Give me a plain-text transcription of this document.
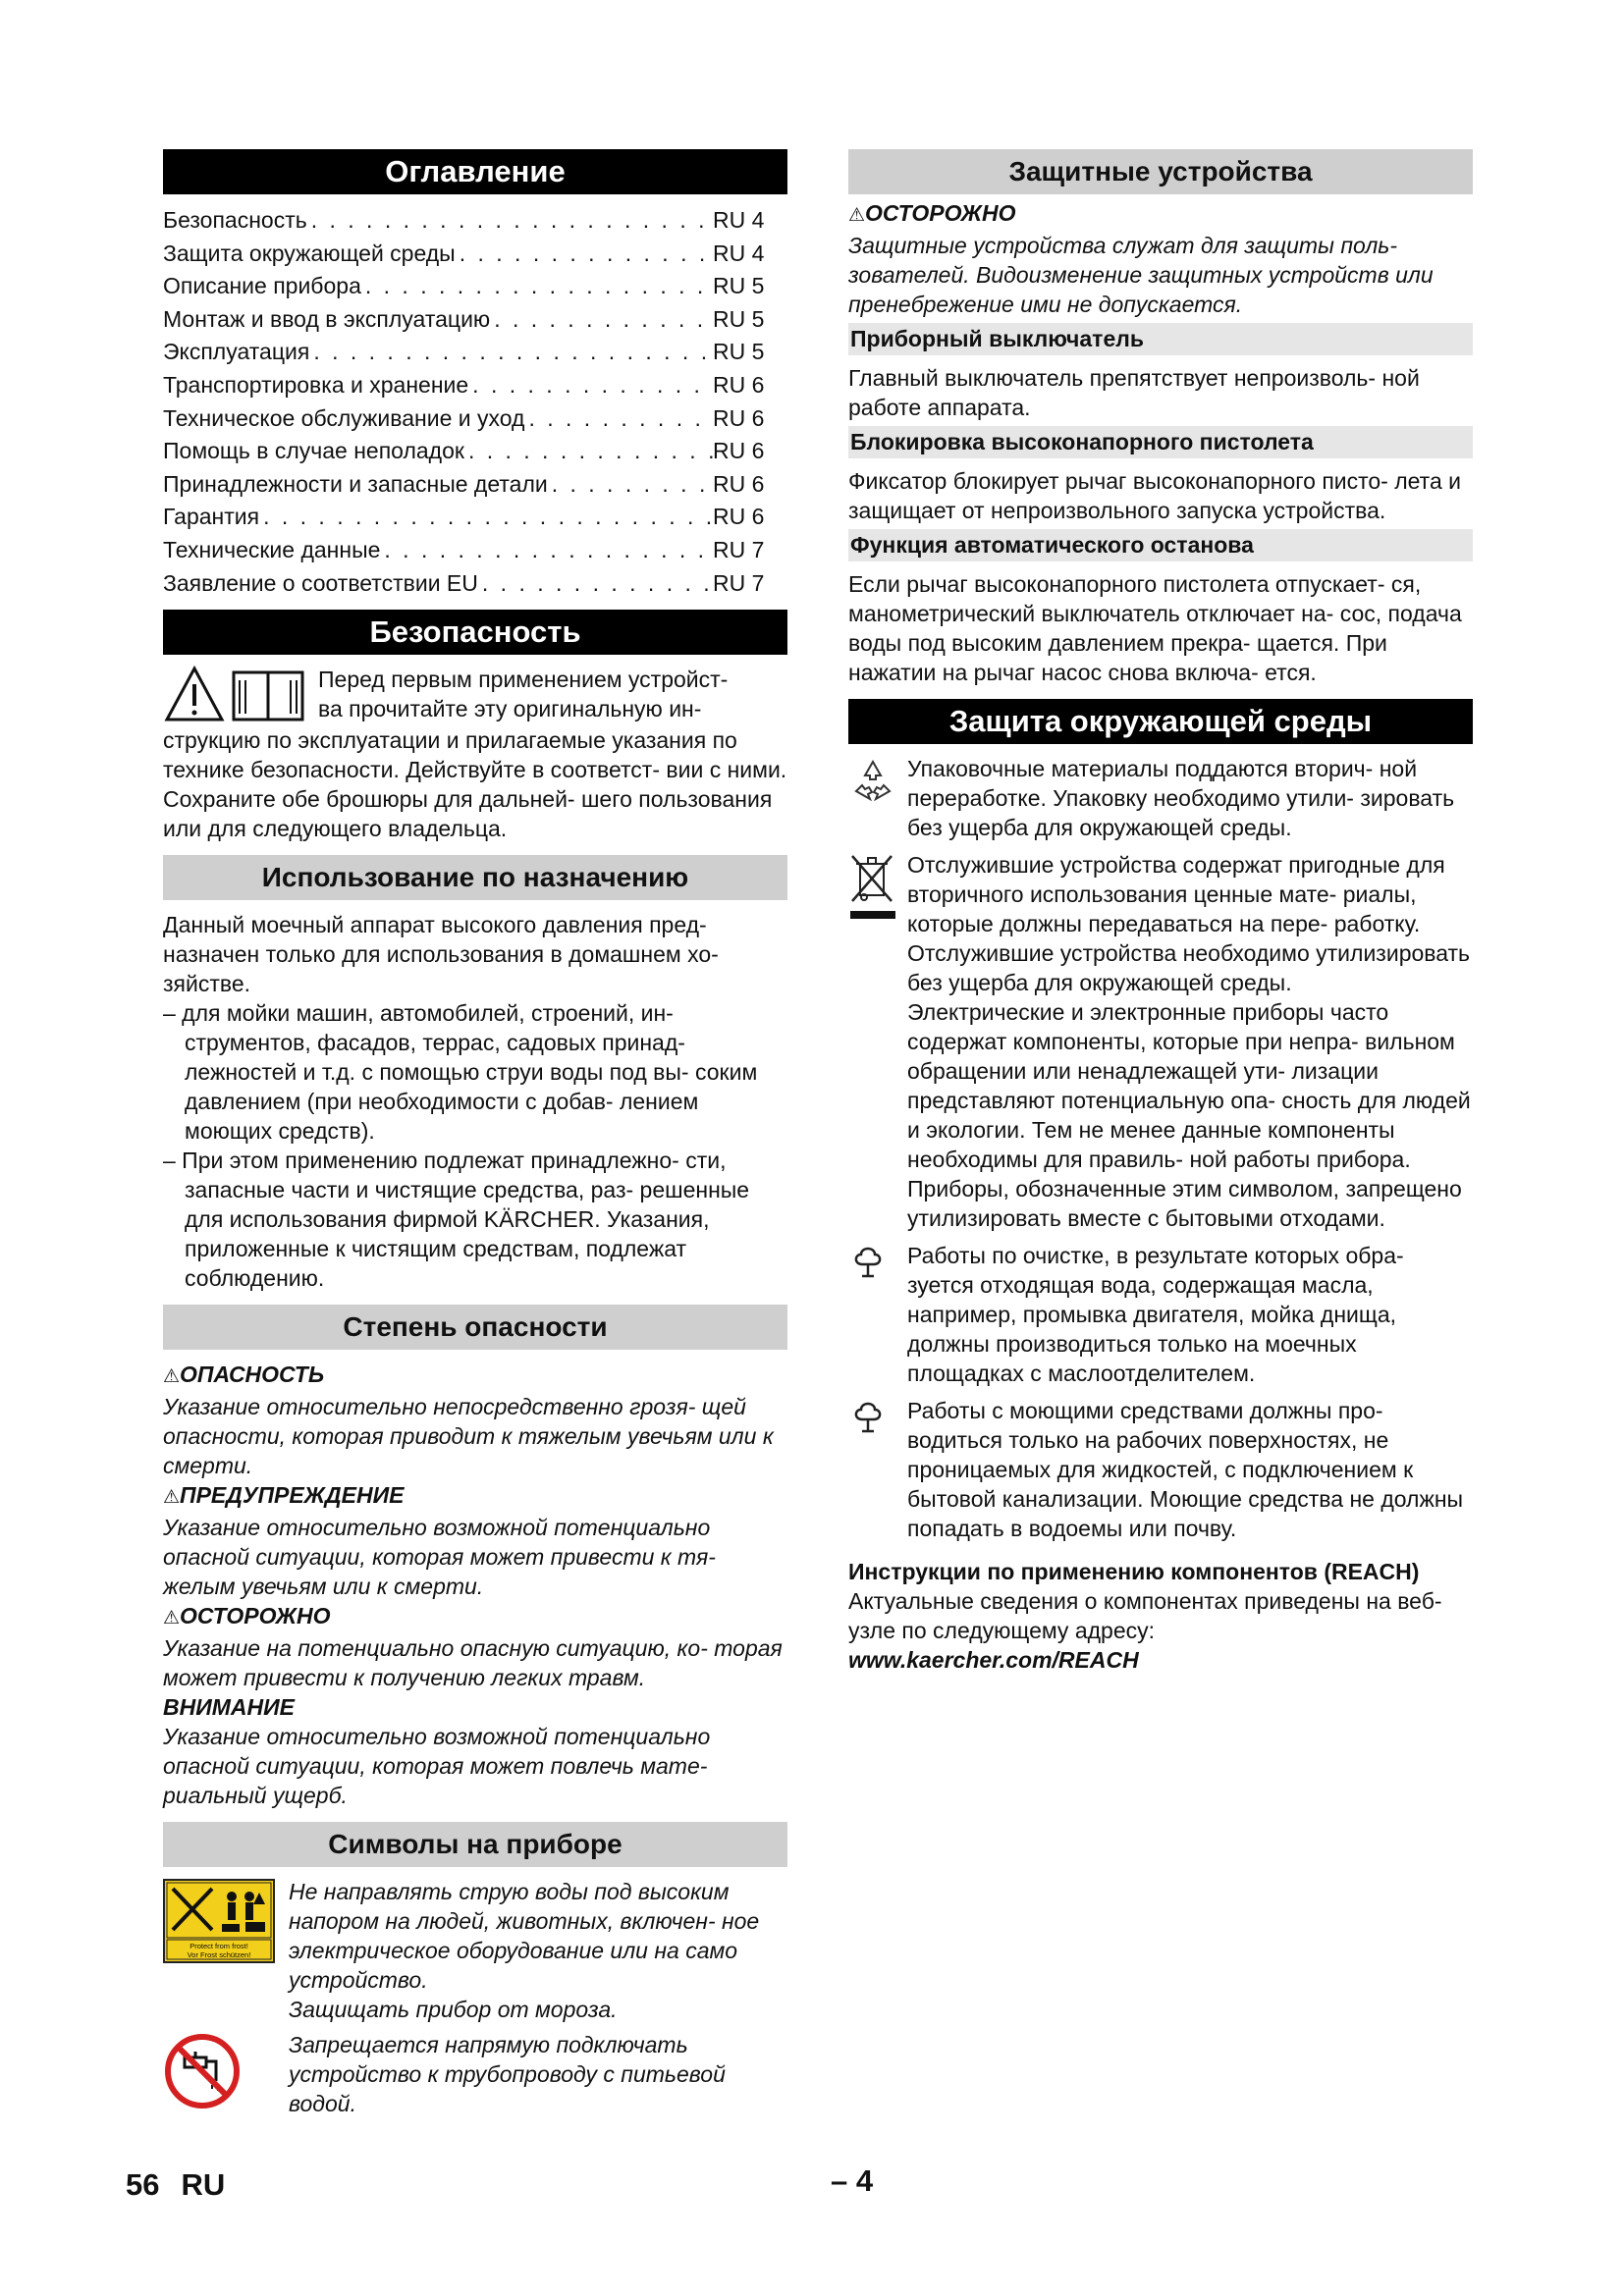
Оглавление
Безопасность . . .	RU 4
Защита окружающей среды . . .	RU 4
Описание прибора . . .	RU 5
Монтаж и ввод в эксплуатацию . . .	RU 5
Эксплуатация . . .	RU 5
Транспортировка и хранение . . .	RU 6
Техническое обслуживание и уход . . .	RU 6
Помощь в случае неполадок . . .	RU 6
Принадлежности и запасные детали . . .	RU 6
Гарантия . . .	RU 6
Технические данные . . .	RU 7
Заявление о соответствии EU . . .	RU 7
Безопасность

Перед первым применением устройст-

ва прочитайте эту оригинальную ин-

струкцию по эксплуатации и прилагаемые указания по технике безопасности. Действуйте в соответст- вии с ними. Сохраните обе брошюры для дальней- шего пользования или для следующего владельца.

Использование по назначению

Данный моечный аппарат высокого давления пред- назначен только для использования в домашнем хо- зяйстве.

– для мойки машин, автомобилей, строений, ин- струментов, фасадов, террас, садовых принад- лежностей и т.д. с помощью струи воды под вы- соким давлением (при необходимости с добав- лением моющих средств).

– При этом применению подлежат принадлежно- сти, запасные части и чистящие средства, раз- решенные для использования фирмой KÄRCHER. Указания, приложенные к чистящим средствам, подлежат соблюдению.

Степень опасности

⚠ОПАСНОСТЬ

Указание относительно непосредственно грозя- щей опасности, которая приводит к тяжелым увечьям или к смерти.

⚠ПРЕДУПРЕЖДЕНИЕ

Указание относительно возможной потенциально опасной ситуации, которая может привести к тя- желым увечьям или к смерти.

⚠ОСТОРОЖНО

Указание на потенциально опасную ситуацию, ко- торая может привести к получению легких травм.

ВНИМАНИЕ

Указание относительно возможной потенциально опасной ситуации, которая может повлечь мате- риальный ущерб.

Символы на приборе
Protect from frost!
Vor Frost schützen!

Не направлять струю воды под высоким напором на людей, животных, включен- ное электрическое оборудование или на само устройство.

Защищать прибор от мороза.

Запрещается напрямую подключать устройство к трубопроводу с питьевой водой.

Защитные устройства

⚠ОСТОРОЖНО

Защитные устройства служат для защиты поль- зователей. Видоизменение защитных устройств или пренебрежение ими не допускается.

Приборный выключатель

Главный выключатель препятствует непроизволь- ной работе аппарата.

Блокировка высоконапорного пистолета

Фиксатор блокирует рычаг высоконапорного писто- лета и защищает от непроизвольного запуска устройства.

Функция автоматического останова

Если рычаг высоконапорного пистолета отпускает- ся, манометрический выключатель отключает на- сос, подача воды под высоким давлением прекра- щается. При нажатии на рычаг насос снова включа- ется.

Защита окружающей среды

Упаковочные материалы поддаются вторич- ной переработке. Упаковку необходимо утили- зировать без ущерба для окружающей среды.

Отслужившие устройства содержат пригодные для вторичного использования ценные мате- риалы, которые должны передаваться на пере- работку. Отслужившие устройства необходимо утилизировать без ущерба для окружающей среды.

Электрические и электронные приборы часто содержат компоненты, которые при непра- вильном обращении или ненадлежащей ути- лизации представляют потенциальную опа- сность для людей и экологии. Тем не менее данные компоненты необходимы для правиль- ной работы прибора. Приборы, обозначенные этим символом, запрещено утилизировать вместе с бытовыми отходами.

Работы по очистке, в результате которых обра- зуется отходящая вода, содержащая масла, например, промывка двигателя, мойка днища, должны производиться только на моечных площадках с маслоотделителем.

Работы с моющими средствами должны про- водиться только на рабочих поверхностях, не проницаемых для жидкостей, с подключением к бытовой канализации. Моющие средства не должны попадать в водоемы или почву.

Инструкции по применению компонентов (REACH)

Актуальные сведения о компонентах приведены на веб-узле по следующему адресу:

www.kaercher.com/REACH

56 RU	– 4
